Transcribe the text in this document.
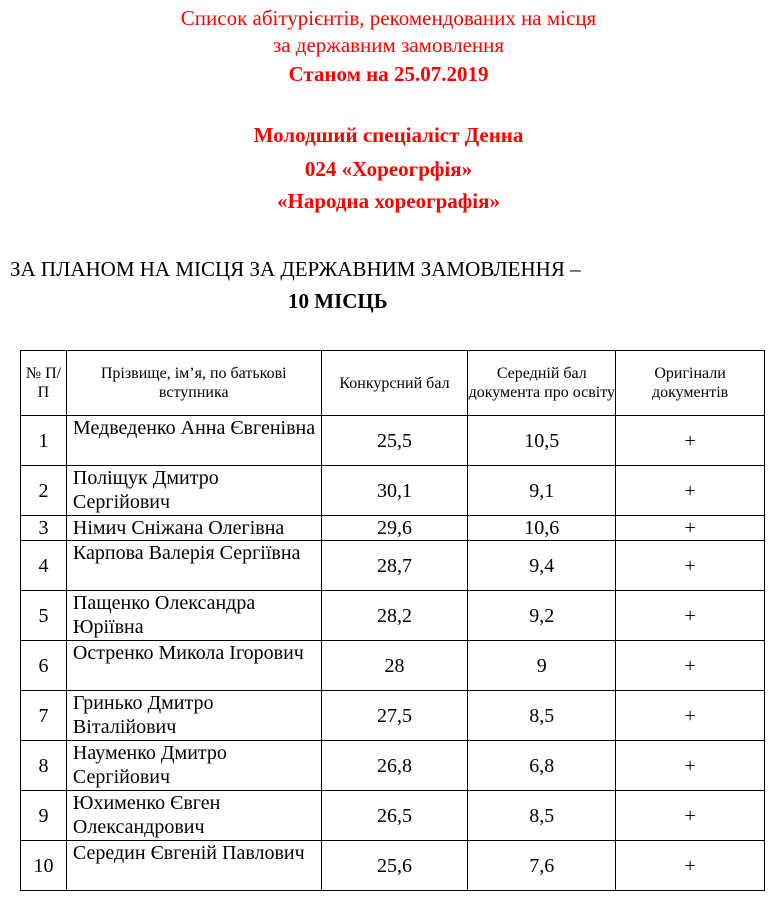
Список абітурієнтів, рекомендованих на місця
за державним замовлення
Станом на 25.07.2019
Молодший спеціаліст Денна
024 «Хореогрфія»
«Народна хореографія»
ЗА ПЛАНОМ НА МІСЦЯ ЗА ДЕРЖАВНИМ ЗАМОВЛЕННЯ –
10 МІСЦЬ
№ П/П	Прізвище, ім’я, по батькові вступника	Конкурсний бал	Середній бал документа про освіту	Оригінали документів
1	Медведенко Анна Євгенівна	25,5	10,5	+
2	Поліщук Дмитро Сергійович	30,1	9,1	+
3	Німич Сніжана Олегівна	29,6	10,6	+
4	Карпова Валерія Сергіївна	28,7	9,4	+
5	Пащенко Олександра Юріївна	28,2	9,2	+
6	Остренко Микола Ігорович	28	9	+
7	Гринько Дмитро Віталійович	27,5	8,5	+
8	Науменко Дмитро Сергійович	26,8	6,8	+
9	Юхименко Євген Олександрович	26,5	8,5	+
10	Середин Євгеній Павлович	25,6	7,6	+
